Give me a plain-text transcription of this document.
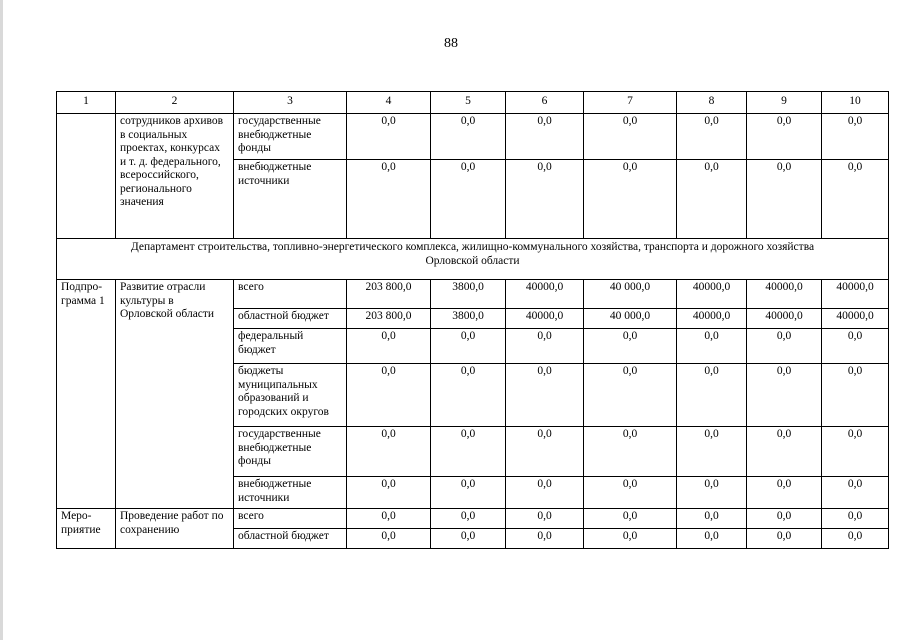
88
1	2	3	4	5	6	7	8	9	10
	сотрудников архивов в социальных проектах, конкурсах и т. д. федерального, всероссийского, регионального значения	государственные внебюджетные фонды	0,0	0,0	0,0	0,0	0,0	0,0	0,0
		внебюджетные источники	0,0	0,0	0,0	0,0	0,0	0,0	0,0
Департамент строительства, топливно-энергетического комплекса, жилищно-коммунального хозяйства, транспорта и дорожного хозяйства Орловской области									
Подпро-грамма 1	Развитие отрасли культуры в Орловской области	всего	203 800,0	3800,0	40000,0	40 000,0	40000,0	40000,0	40000,0
		областной бюджет	203 800,0	3800,0	40000,0	40 000,0	40000,0	40000,0	40000,0
		федеральный бюджет	0,0	0,0	0,0	0,0	0,0	0,0	0,0
		бюджеты муниципальных образований и городских округов	0,0	0,0	0,0	0,0	0,0	0,0	0,0
		государственные внебюджетные фонды	0,0	0,0	0,0	0,0	0,0	0,0	0,0
		внебюджетные источники	0,0	0,0	0,0	0,0	0,0	0,0	0,0
Меро-приятие	Проведение работ по сохранению	всего	0,0	0,0	0,0	0,0	0,0	0,0	0,0
		областной бюджет	0,0	0,0	0,0	0,0	0,0	0,0	0,0
